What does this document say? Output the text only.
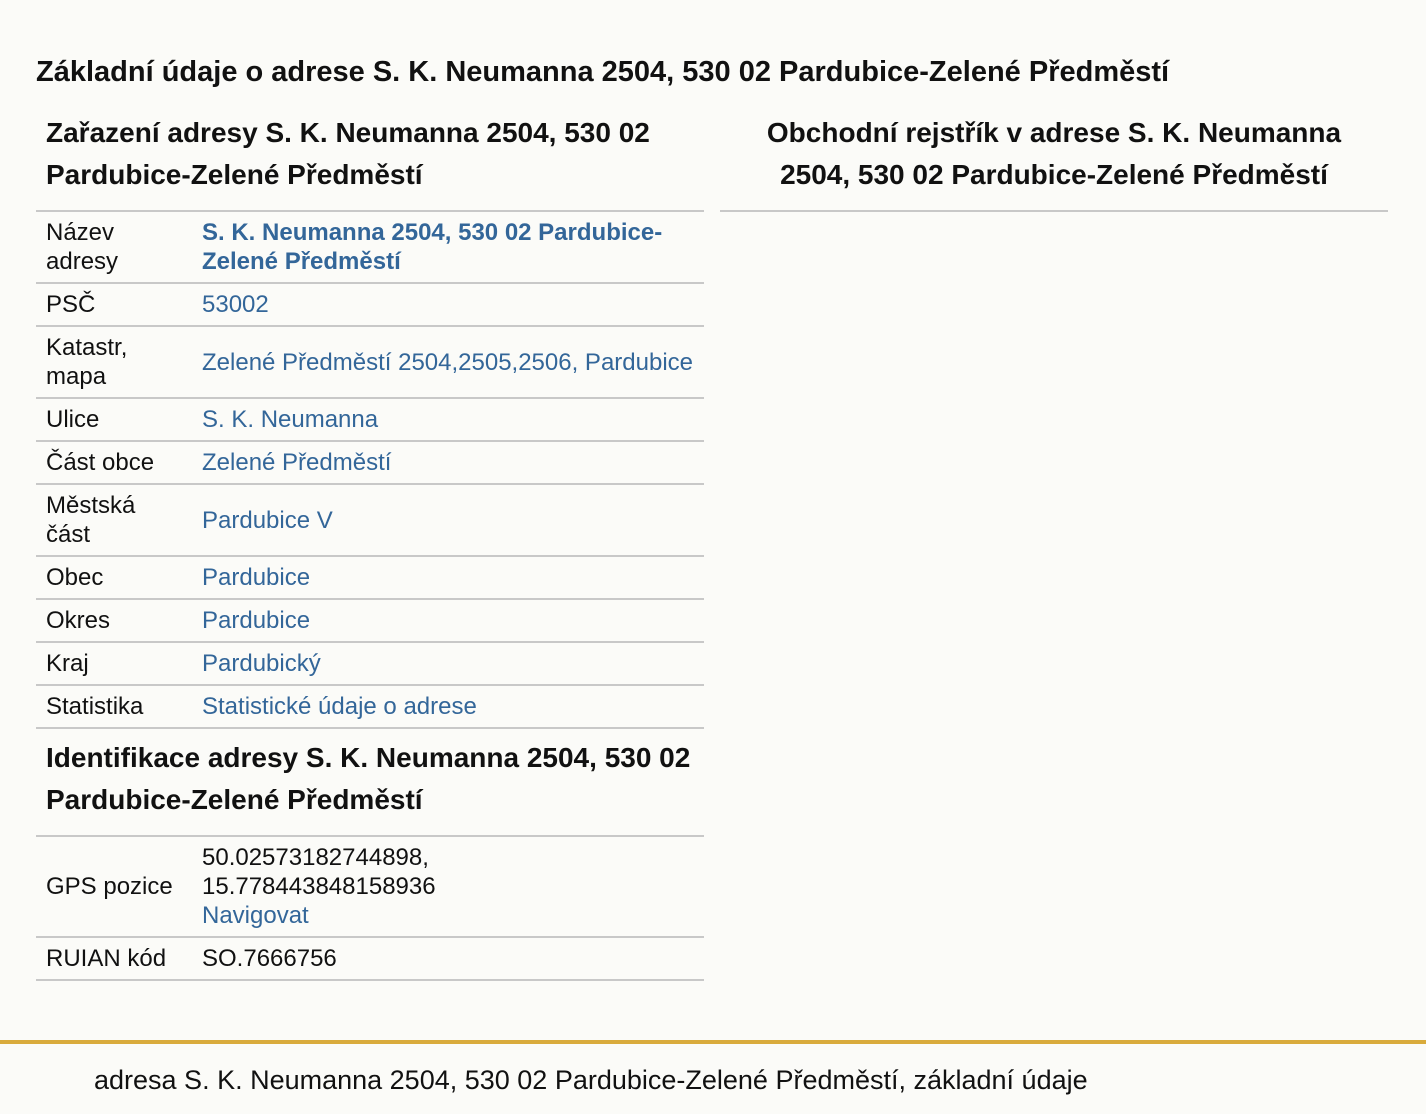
Základní údaje o adrese S. K. Neumanna 2504, 530 02 Pardubice-Zelené Předměstí
Zařazení adresy S. K. Neumanna 2504, 530 02 Pardubice-Zelené Předměstí
Název adresy	S. K. Neumanna 2504, 530 02 Pardubice-Zelené Předměstí
PSČ	53002
Katastr, mapa	Zelené Předměstí 2504,2505,2506, Pardubice
Ulice	S. K. Neumanna
Část obce	Zelené Předměstí
Městská část	Pardubice V
Obec	Pardubice
Okres	Pardubice
Kraj	Pardubický
Statistika	Statistické údaje o adrese
Identifikace adresy S. K. Neumanna 2504, 530 02 Pardubice-Zelené Předměstí
GPS pozice	50.02573182744898,
15.778443848158936
Navigovat
RUIAN kód	SO.7666756
Obchodní rejstřík v adrese S. K. Neumanna 2504, 530 02 Pardubice-Zelené Předměstí
adresa S. K. Neumanna 2504, 530 02 Pardubice-Zelené Předměstí, základní údaje
